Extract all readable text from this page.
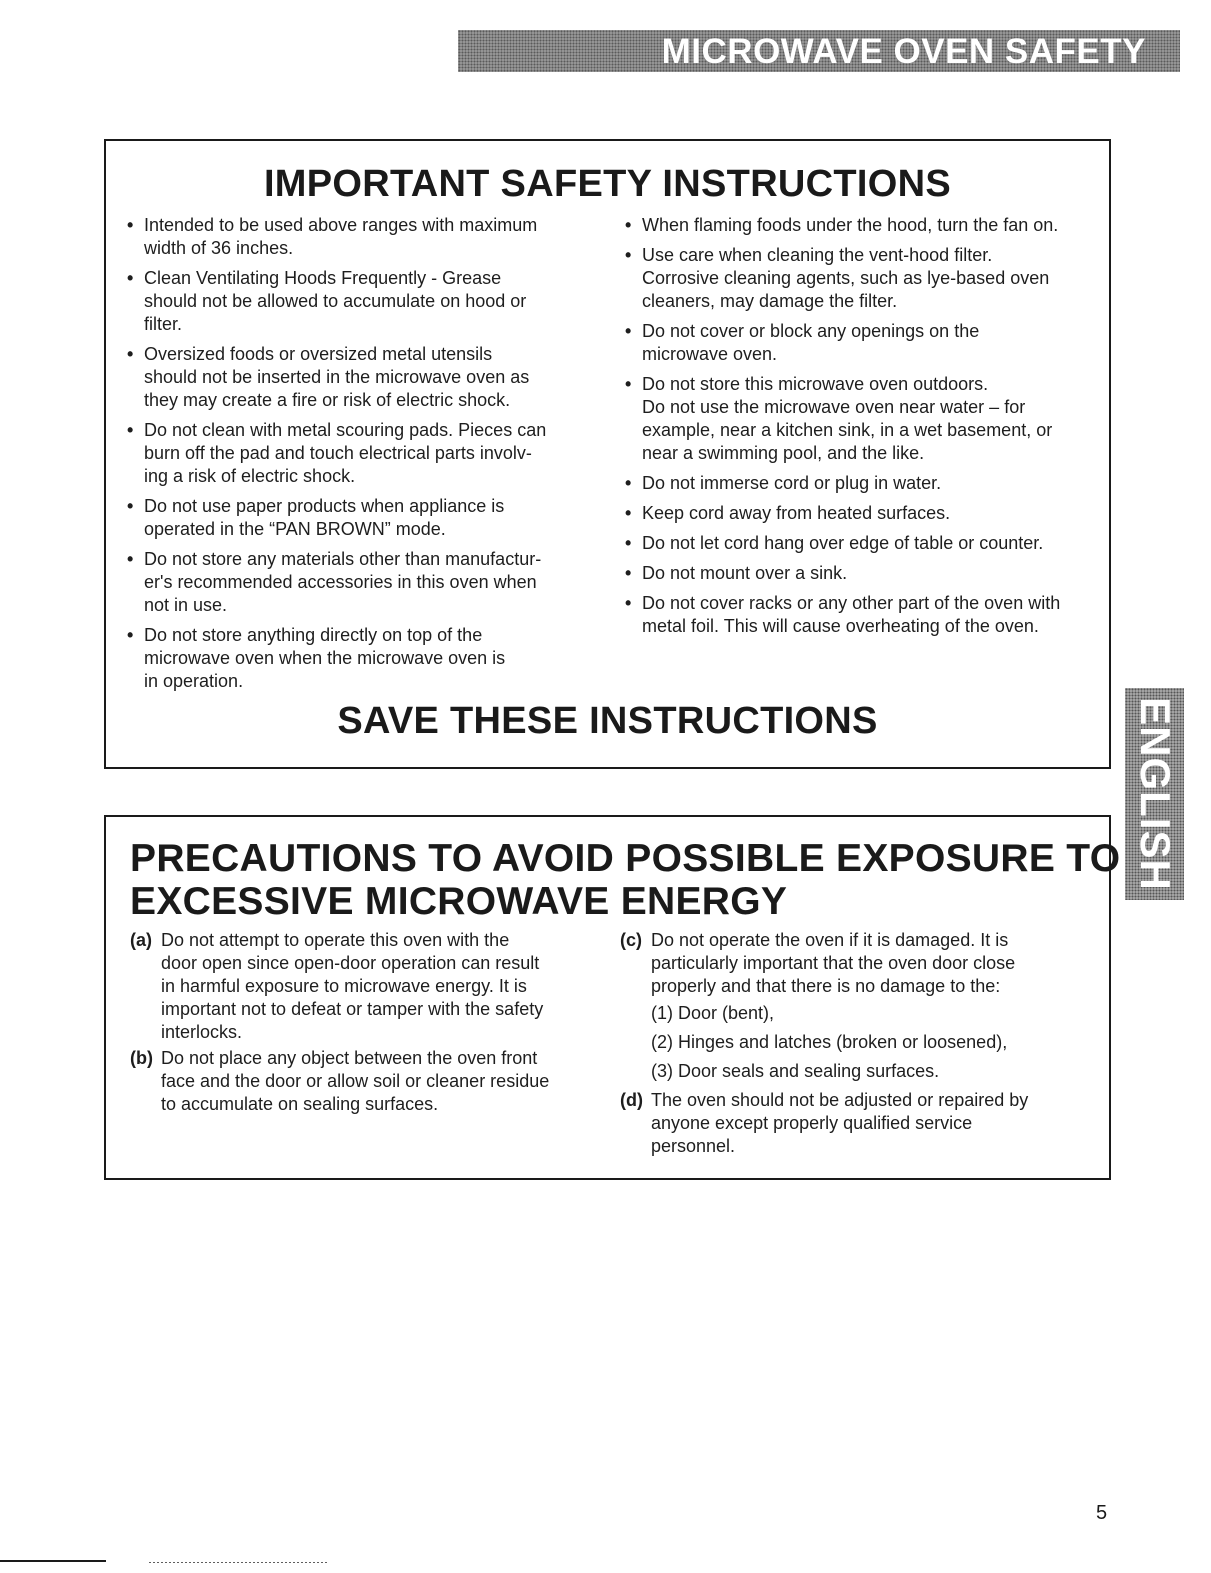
MICROWAVE OVEN SAFETY
IMPORTANT SAFETY INSTRUCTIONS
• Intended to be used above ranges with maximum
width of 36 inches.
• Clean Ventilating Hoods Frequently - Grease
should not be allowed to accumulate on hood or
filter.
• Oversized foods or oversized metal utensils
should not be inserted in the microwave oven as
they may create a fire or risk of electric shock.
• Do not clean with metal scouring pads. Pieces can
burn off the pad and touch electrical parts involv-
ing a risk of electric shock.
• Do not use paper products when appliance is
operated in the “PAN BROWN” mode.
• Do not store any materials other than manufactur-
er's recommended accessories in this oven when
not in use.
• Do not store anything directly on top of the
microwave oven when the microwave oven is
in operation.
• When flaming foods under the hood, turn the fan on.
• Use care when cleaning the vent-hood filter.
Corrosive cleaning agents, such as lye-based oven
cleaners, may damage the filter.
• Do not cover or block any openings on the
microwave oven.
• Do not store this microwave oven outdoors.
Do not use the microwave oven near water – for
example, near a kitchen sink, in a wet basement, or
near a swimming pool, and the like.
• Do not immerse cord or plug in water.
• Keep cord away from heated surfaces.
• Do not let cord hang over edge of table or counter.
• Do not mount over a sink.
• Do not cover racks or any other part of the oven with
metal foil. This will cause overheating of the oven.
SAVE THESE INSTRUCTIONS
PRECAUTIONS TO AVOID POSSIBLE EXPOSURE TO
EXCESSIVE MICROWAVE ENERGY
(a) Do not attempt to operate this oven with the
door open since open-door operation can result
in harmful exposure to microwave energy. It is
important not to defeat or tamper with the safety
interlocks.
(b) Do not place any object between the oven front
face and the door or allow soil or cleaner residue
to accumulate on sealing surfaces.
(c) Do not operate the oven if it is damaged. It is
particularly important that the oven door close
properly and that there is no damage to the:
(1) Door (bent),
(2) Hinges and latches (broken or loosened),
(3) Door seals and sealing surfaces.
(d) The oven should not be adjusted or repaired by
anyone except properly qualified service
personnel.
ENGLISH
5
